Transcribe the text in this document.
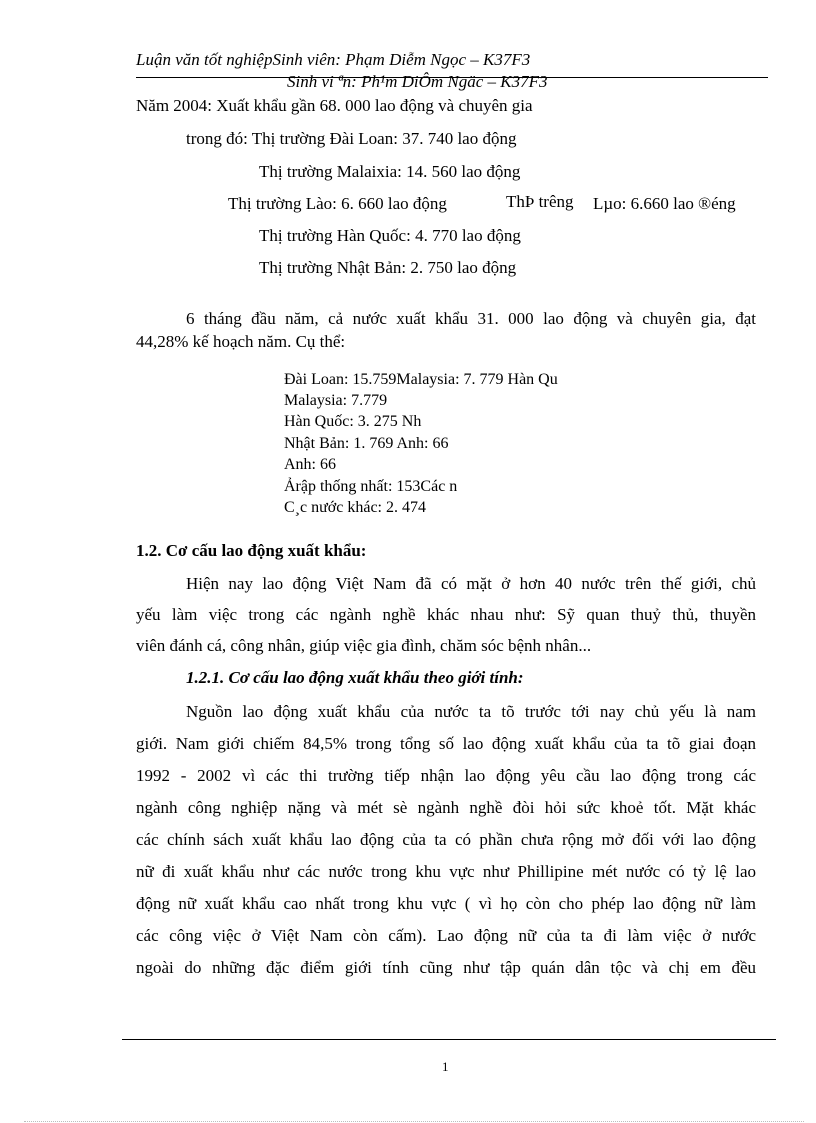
Luận văn tốt nghiệpSinh viên: Phạm Diễm Ngọc – K37F3
Sinh vi ªn: Ph¹m DiÔm Ngäc – K37F3
Năm 2004: Xuất khẩu gần 68. 000 lao động và chuyên gia
trong đó: Thị trường Đài Loan: 37. 740 lao động
Thị trường Malaixia: 14. 560 lao động
Thị trường Lào: 6. 660 lao động	ThÞ trêng Lµo: 6.660 lao ®éng
Thị trường Hàn Quốc: 4. 770 lao động
Thị trường Nhật Bản: 2. 750 lao động
6 tháng đầu năm, cả nước xuất khẩu 31. 000 lao động và chuyên gia, đạt
44,28% kế hoạch năm. Cụ thể:
Đài Loan: 15.759Malaysia: 7. 779 Hàn Qu
Malaysia: 7.779
Hàn Quốc: 3. 275 Nh
Nhật Bản: 1. 769 Anh: 66
Anh: 66
Ảrập thống nhất: 153Các n
C¸c nước khác: 2. 474
1.2. Cơ cấu lao động xuất khẩu:
Hiện nay lao động Việt Nam đã có mặt ở hơn 40 nước trên thế giới, chủ
yếu làm việc trong các ngành nghề khác nhau như: Sỹ quan thuỷ thủ, thuyền
viên đánh cá, công nhân, giúp việc gia đình, chăm sóc bệnh nhân...
1.2.1. Cơ cấu lao động xuất khẩu theo giới tính:
Nguồn lao động xuất khẩu của nước ta tõ trước tới nay chủ yếu là nam
giới. Nam giới chiếm 84,5% trong tổng số lao động xuất khẩu của ta tõ giai đoạn
1992 - 2002 vì các thi trường tiếp nhận lao động yêu cầu lao động trong các
ngành công nghiệp nặng và mét sè ngành nghề đòi hỏi sức khoẻ tốt. Mặt khác
các chính sách xuất khẩu lao động của ta có phần chưa rộng mở đối với lao động
nữ đi xuất khẩu như các nước trong khu vực như Phillipine mét nước có tỷ lệ lao
động nữ xuất khẩu cao nhất trong khu vực ( vì họ còn cho phép lao động nữ làm
các công việc ở Việt Nam còn cấm). Lao động nữ của ta đi làm việc ở nước
ngoài do những đặc điểm giới tính cũng như tập quán dân tộc và chị em đều
1
